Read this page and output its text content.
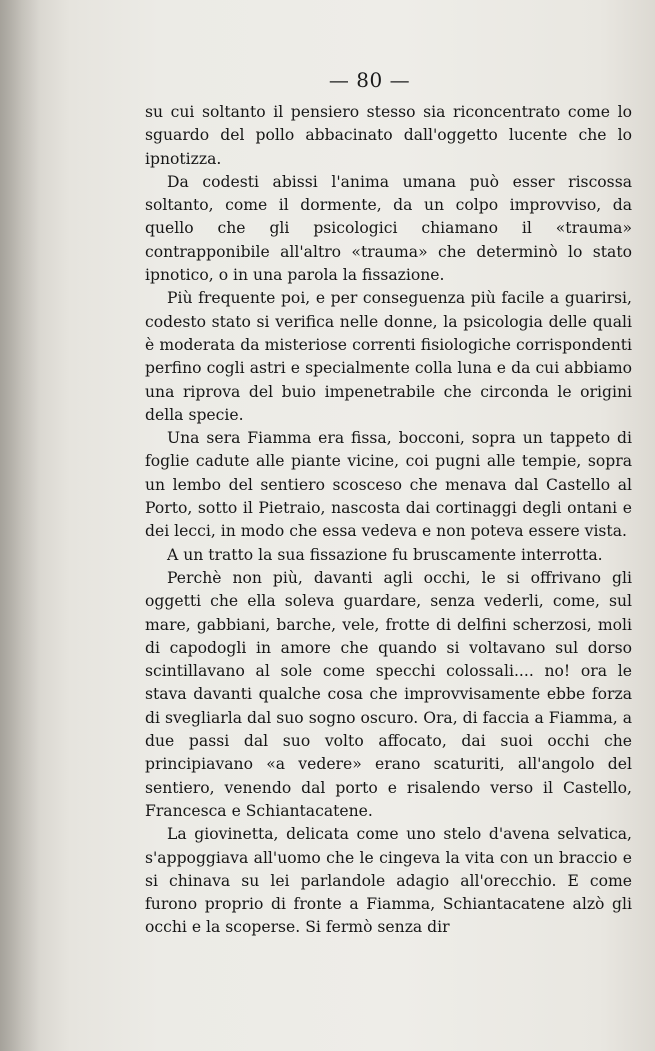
— 80 —

su cui soltanto il pensiero stesso sia riconcentrato come lo sguardo del pollo abbacinato dall'oggetto lucente che lo ipnotizza.

Da codesti abissi l'anima umana può esser riscossa soltanto, come il dormente, da un colpo improvviso, da quello che gli psicologici chiamano il «trauma» contrapponibile all'altro «trauma» che determinò lo stato ipnotico, o in una parola la fissazione.

Più frequente poi, e per conseguenza più facile a guarirsi, codesto stato si verifica nelle donne, la psicologia delle quali è moderata da misteriose correnti fisiologiche corrispondenti perfino cogli astri e specialmente colla luna e da cui abbiamo una riprova del buio impenetrabile che circonda le origini della specie.

Una sera Fiamma era fissa, bocconi, sopra un tappeto di foglie cadute alle piante vicine, coi pugni alle tempie, sopra un lembo del sentiero scosceso che menava dal Castello al Porto, sotto il Pietraio, nascosta dai cortinaggi degli ontani e dei lecci, in modo che essa vedeva e non poteva essere vista.

A un tratto la sua fissazione fu bruscamente interrotta.

Perchè non più, davanti agli occhi, le si offrivano gli oggetti che ella soleva guardare, senza vederli, come, sul mare, gabbiani, barche, vele, frotte di delfini scherzosi, moli di capodogli in amore che quando si voltavano sul dorso scintillavano al sole come specchi colossali.... no! ora le stava davanti qualche cosa che improvvisamente ebbe forza di svegliarla dal suo sogno oscuro. Ora, di faccia a Fiamma, a due passi dal suo volto affocato, dai suoi occhi che principiavano «a vedere» erano scaturiti, all'angolo del sentiero, venendo dal porto e risalendo verso il Castello, Francesca e Schiantacatene.

La giovinetta, delicata come uno stelo d'avena selvatica, s'appoggiava all'uomo che le cingeva la vita con un braccio e si chinava su lei parlandole adagio all'orecchio. E come furono proprio di fronte a Fiamma, Schiantacatene alzò gli occhi e la scoperse. Si fermò senza dir
